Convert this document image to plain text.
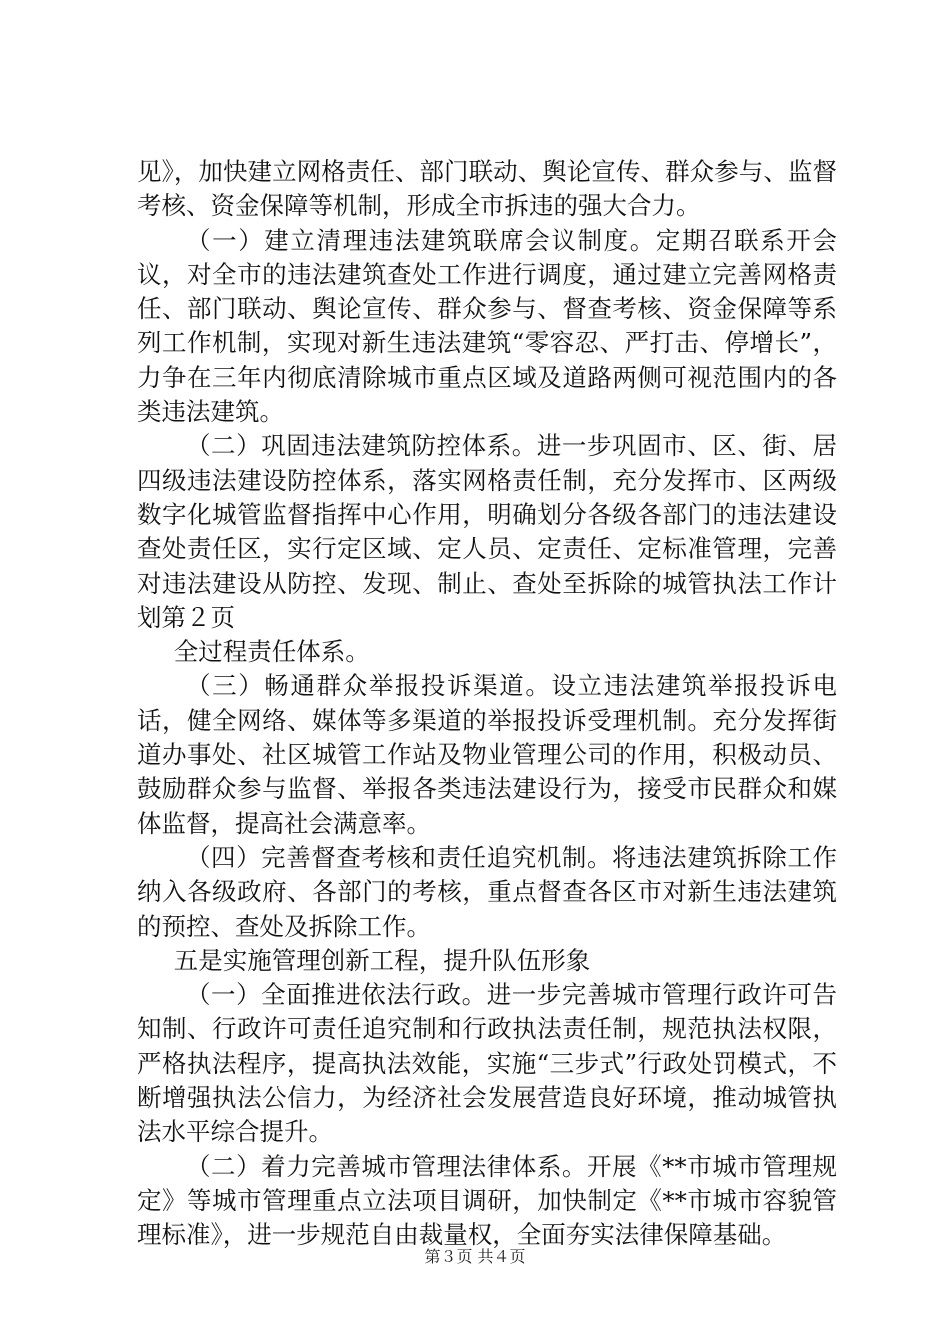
见》，加快建立网格责任、部门联动、舆论宣传、群众参与、监督考核、资金保障等机制，形成全市拆违的强大合力。

（一）建立清理违法建筑联席会议制度。定期召联系开会议，对全市的违法建筑查处工作进行调度，通过建立完善网格责任、部门联动、舆论宣传、群众参与、督查考核、资金保障等系列工作机制，实现对新生违法建筑“零容忍、严打击、停增长”，力争在三年内彻底清除城市重点区域及道路两侧可视范围内的各类违法建筑。

（二）巩固违法建筑防控体系。进一步巩固市、区、街、居四级违法建设防控体系，落实网格责任制，充分发挥市、区两级数字化城管监督指挥中心作用，明确划分各级各部门的违法建设查处责任区，实行定区域、定人员、定责任、定标准管理，完善对违法建设从防控、发现、制止、查处至拆除的城管执法工作计划第２页

全过程责任体系。

（三）畅通群众举报投诉渠道。设立违法建筑举报投诉电话，健全网络、媒体等多渠道的举报投诉受理机制。充分发挥街道办事处、社区城管工作站及物业管理公司的作用，积极动员、鼓励群众参与监督、举报各类违法建设行为，接受市民群众和媒体监督，提高社会满意率。

（四）完善督查考核和责任追究机制。将违法建筑拆除工作纳入各级政府、各部门的考核，重点督查各区市对新生违法建筑的预控、查处及拆除工作。

五是实施管理创新工程，提升队伍形象

（一）全面推进依法行政。进一步完善城市管理行政许可告知制、行政许可责任追究制和行政执法责任制，规范执法权限，严格执法程序，提高执法效能，实施“三步式”行政处罚模式，不断增强执法公信力，为经济社会发展营造良好环境，推动城管执法水平综合提升。

（二）着力完善城市管理法律体系。开展《**市城市管理规定》等城市管理重点立法项目调研，加快制定《**市城市容貌管理标准》，进一步规范自由裁量权，全面夯实法律保障基础。

第３页 共４页
